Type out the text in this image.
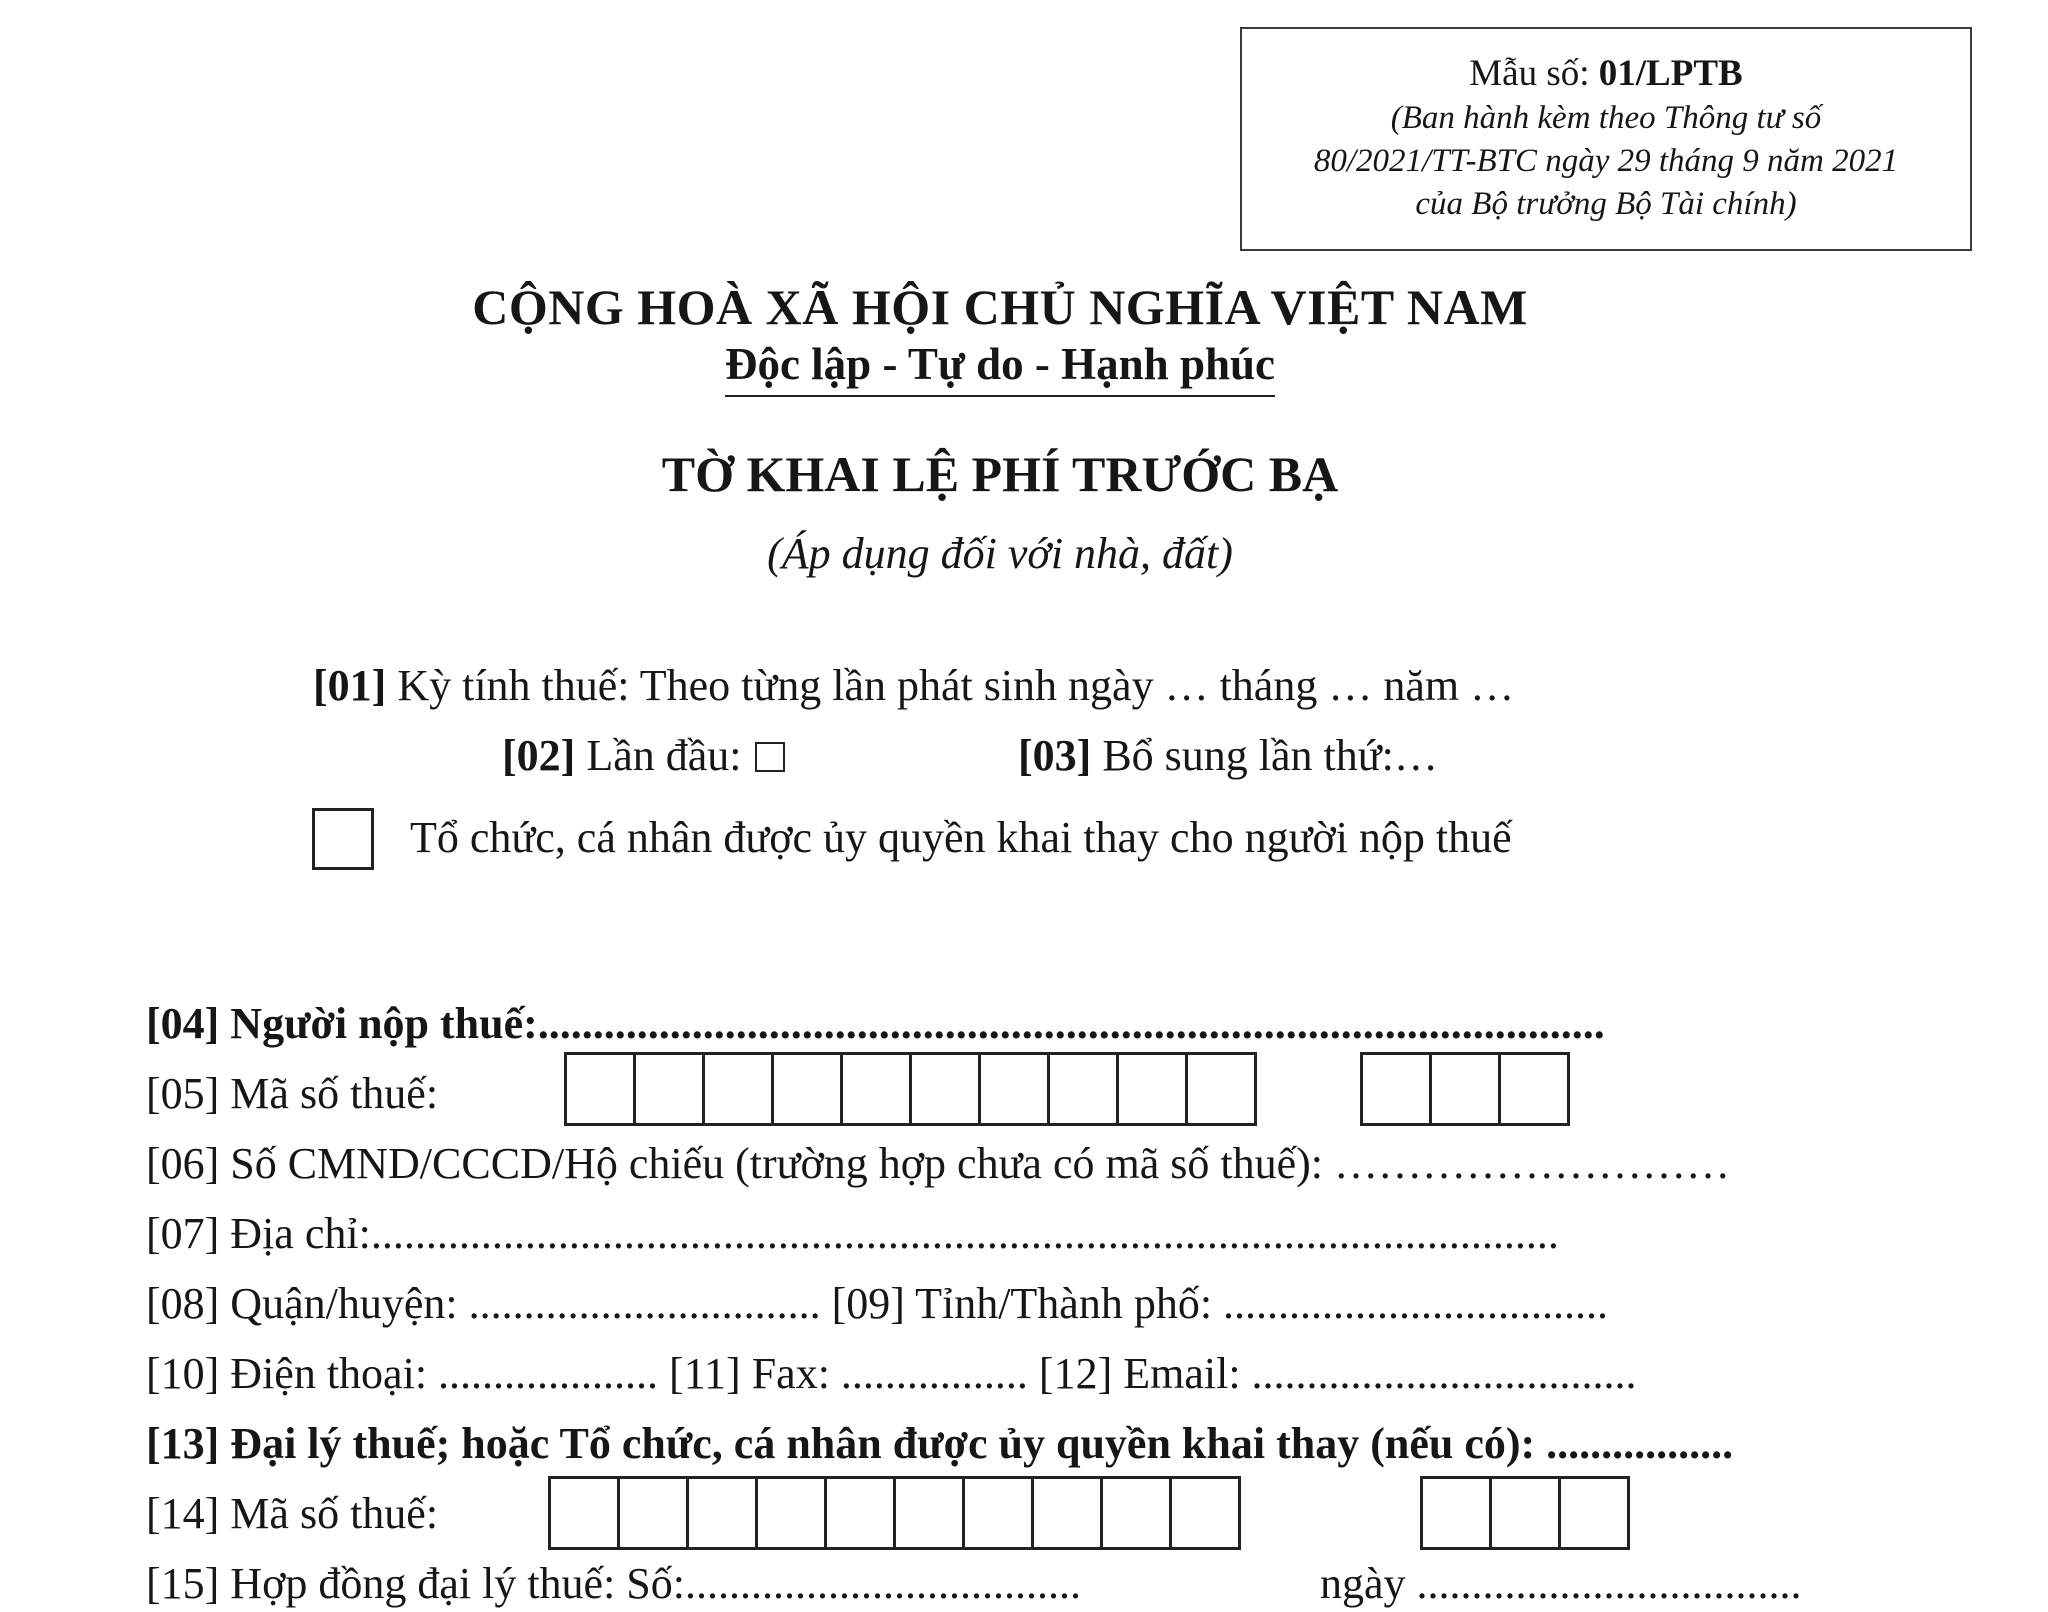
Mẫu số: 01/LPTB
(Ban hành kèm theo Thông tư số
80/2021/TT-BTC ngày 29 tháng 9 năm 2021
của Bộ trưởng Bộ Tài chính)
CỘNG HOÀ XÃ HỘI CHỦ NGHĨA VIỆT NAM
Độc lập - Tự do - Hạnh phúc
TỜ KHAI LỆ PHÍ TRƯỚC BẠ
(Áp dụng đối với nhà, đất)
[01] Kỳ tính thuế: Theo từng lần phát sinh ngày … tháng … năm …
[02] Lần đầu:	[03] Bổ sung lần thứ:…
Tổ chức, cá nhân được ủy quyền khai thay cho người nộp thuế
[04] Người nộp thuế:.................................................................................................
[05] Mã số thuế:
[06] Số CMND/CCCD/Hộ chiếu (trường hợp chưa có mã số thuế): ………………………
[07] Địa chỉ:............................................................................................................
[08] Quận/huyện: ................................ [09] Tỉnh/Thành phố: ...................................
[10] Điện thoại: .................... [11] Fax: ................. [12] Email: ...................................
[13] Đại lý thuế; hoặc Tổ chức, cá nhân được ủy quyền khai thay (nếu có): .................
[14] Mã số thuế:
[15] Hợp đồng đại lý thuế: Số:....................................	ngày ...................................
